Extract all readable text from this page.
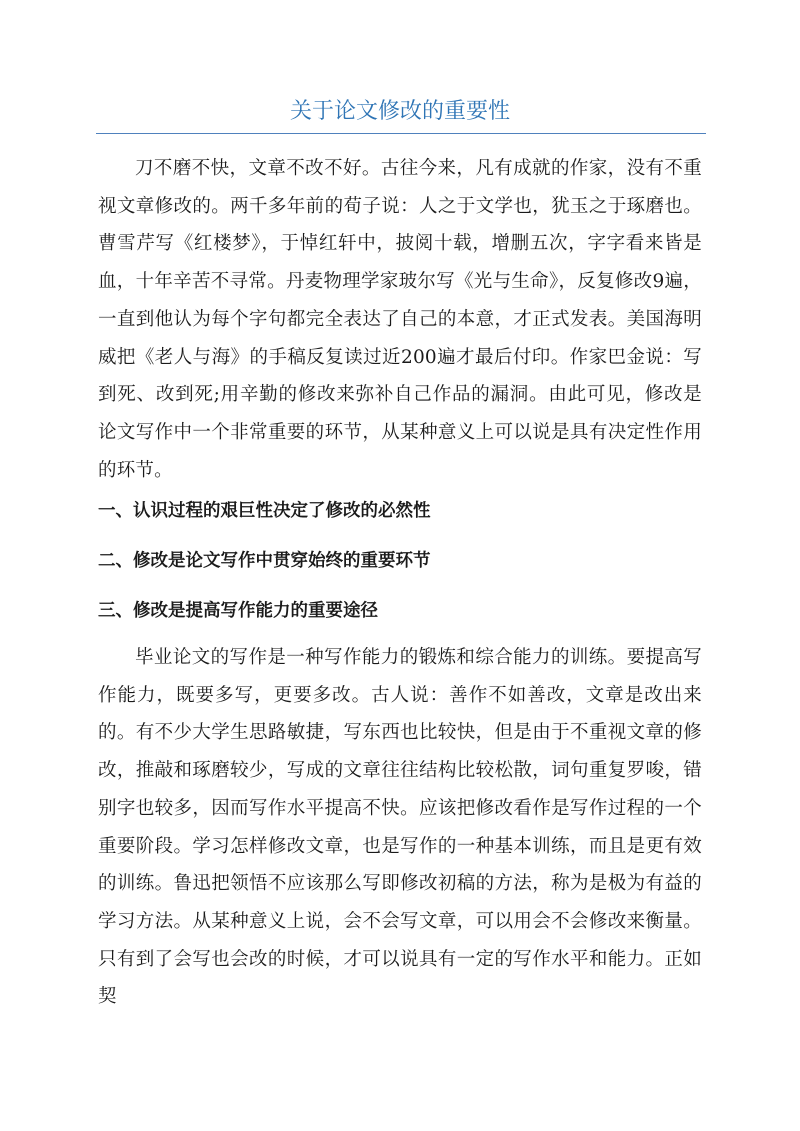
关于论文修改的重要性

刀不磨不快，文章不改不好。古往今来，凡有成就的作家，没有不重视文章修改的。两千多年前的荀子说：人之于文学也，犹玉之于琢磨也。曹雪芹写《红楼梦》，于悼红轩中，披阅十载，增删五次，字字看来皆是血，十年辛苦不寻常。丹麦物理学家玻尔写《光与生命》，反复修改9遍，一直到他认为每个字句都完全表达了自己的本意，才正式发表。美国海明威把《老人与海》的手稿反复读过近200遍才最后付印。作家巴金说：写到死、改到死;用辛勤的修改来弥补自己作品的漏洞。由此可见，修改是论文写作中一个非常重要的环节，从某种意义上可以说是具有决定性作用的环节。

一、认识过程的艰巨性决定了修改的必然性
二、修改是论文写作中贯穿始终的重要环节
三、修改是提高写作能力的重要途径

毕业论文的写作是一种写作能力的锻炼和综合能力的训练。要提高写作能力，既要多写，更要多改。古人说：善作不如善改，文章是改出来的。有不少大学生思路敏捷，写东西也比较快，但是由于不重视文章的修改，推敲和琢磨较少，写成的文章往往结构比较松散，词句重复罗唆，错别字也较多，因而写作水平提高不快。应该把修改看作是写作过程的一个重要阶段。学习怎样修改文章，也是写作的一种基本训练，而且是更有效的训练。鲁迅把领悟不应该那么写即修改初稿的方法，称为是极为有益的学习方法。从某种意义上说，会不会写文章，可以用会不会修改来衡量。只有到了会写也会改的时候，才可以说具有一定的写作水平和能力。正如契
